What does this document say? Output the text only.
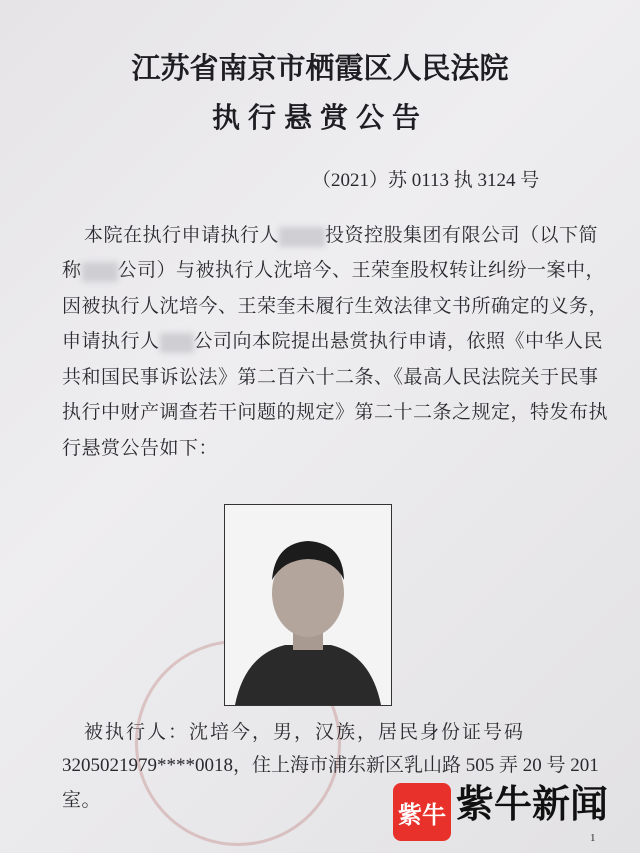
江苏省南京市栖霞区人民法院
执行悬赏公告
（2021）苏 0113 执 3124 号
本院在执行申请执行人 投资控股集团有限公司（以下简
称 公司）与被执行人沈培今、王荣奎股权转让纠纷一案中，
因被执行人沈培今、王荣奎未履行生效法律文书所确定的义务，
申请执行人 公司向本院提出悬赏执行申请，依照《中华人民
共和国民事诉讼法》第二百六十二条、《最高人民法院关于民事
执行中财产调查若干问题的规定》第二十二条之规定，特发布执
行悬赏公告如下：
被执行人：沈培今，男，汉族，居民身份证号码
3205021979****0018，住上海市浦东新区乳山路 505 弄 20 号 201
室。	紫牛 紫牛新闻
1
